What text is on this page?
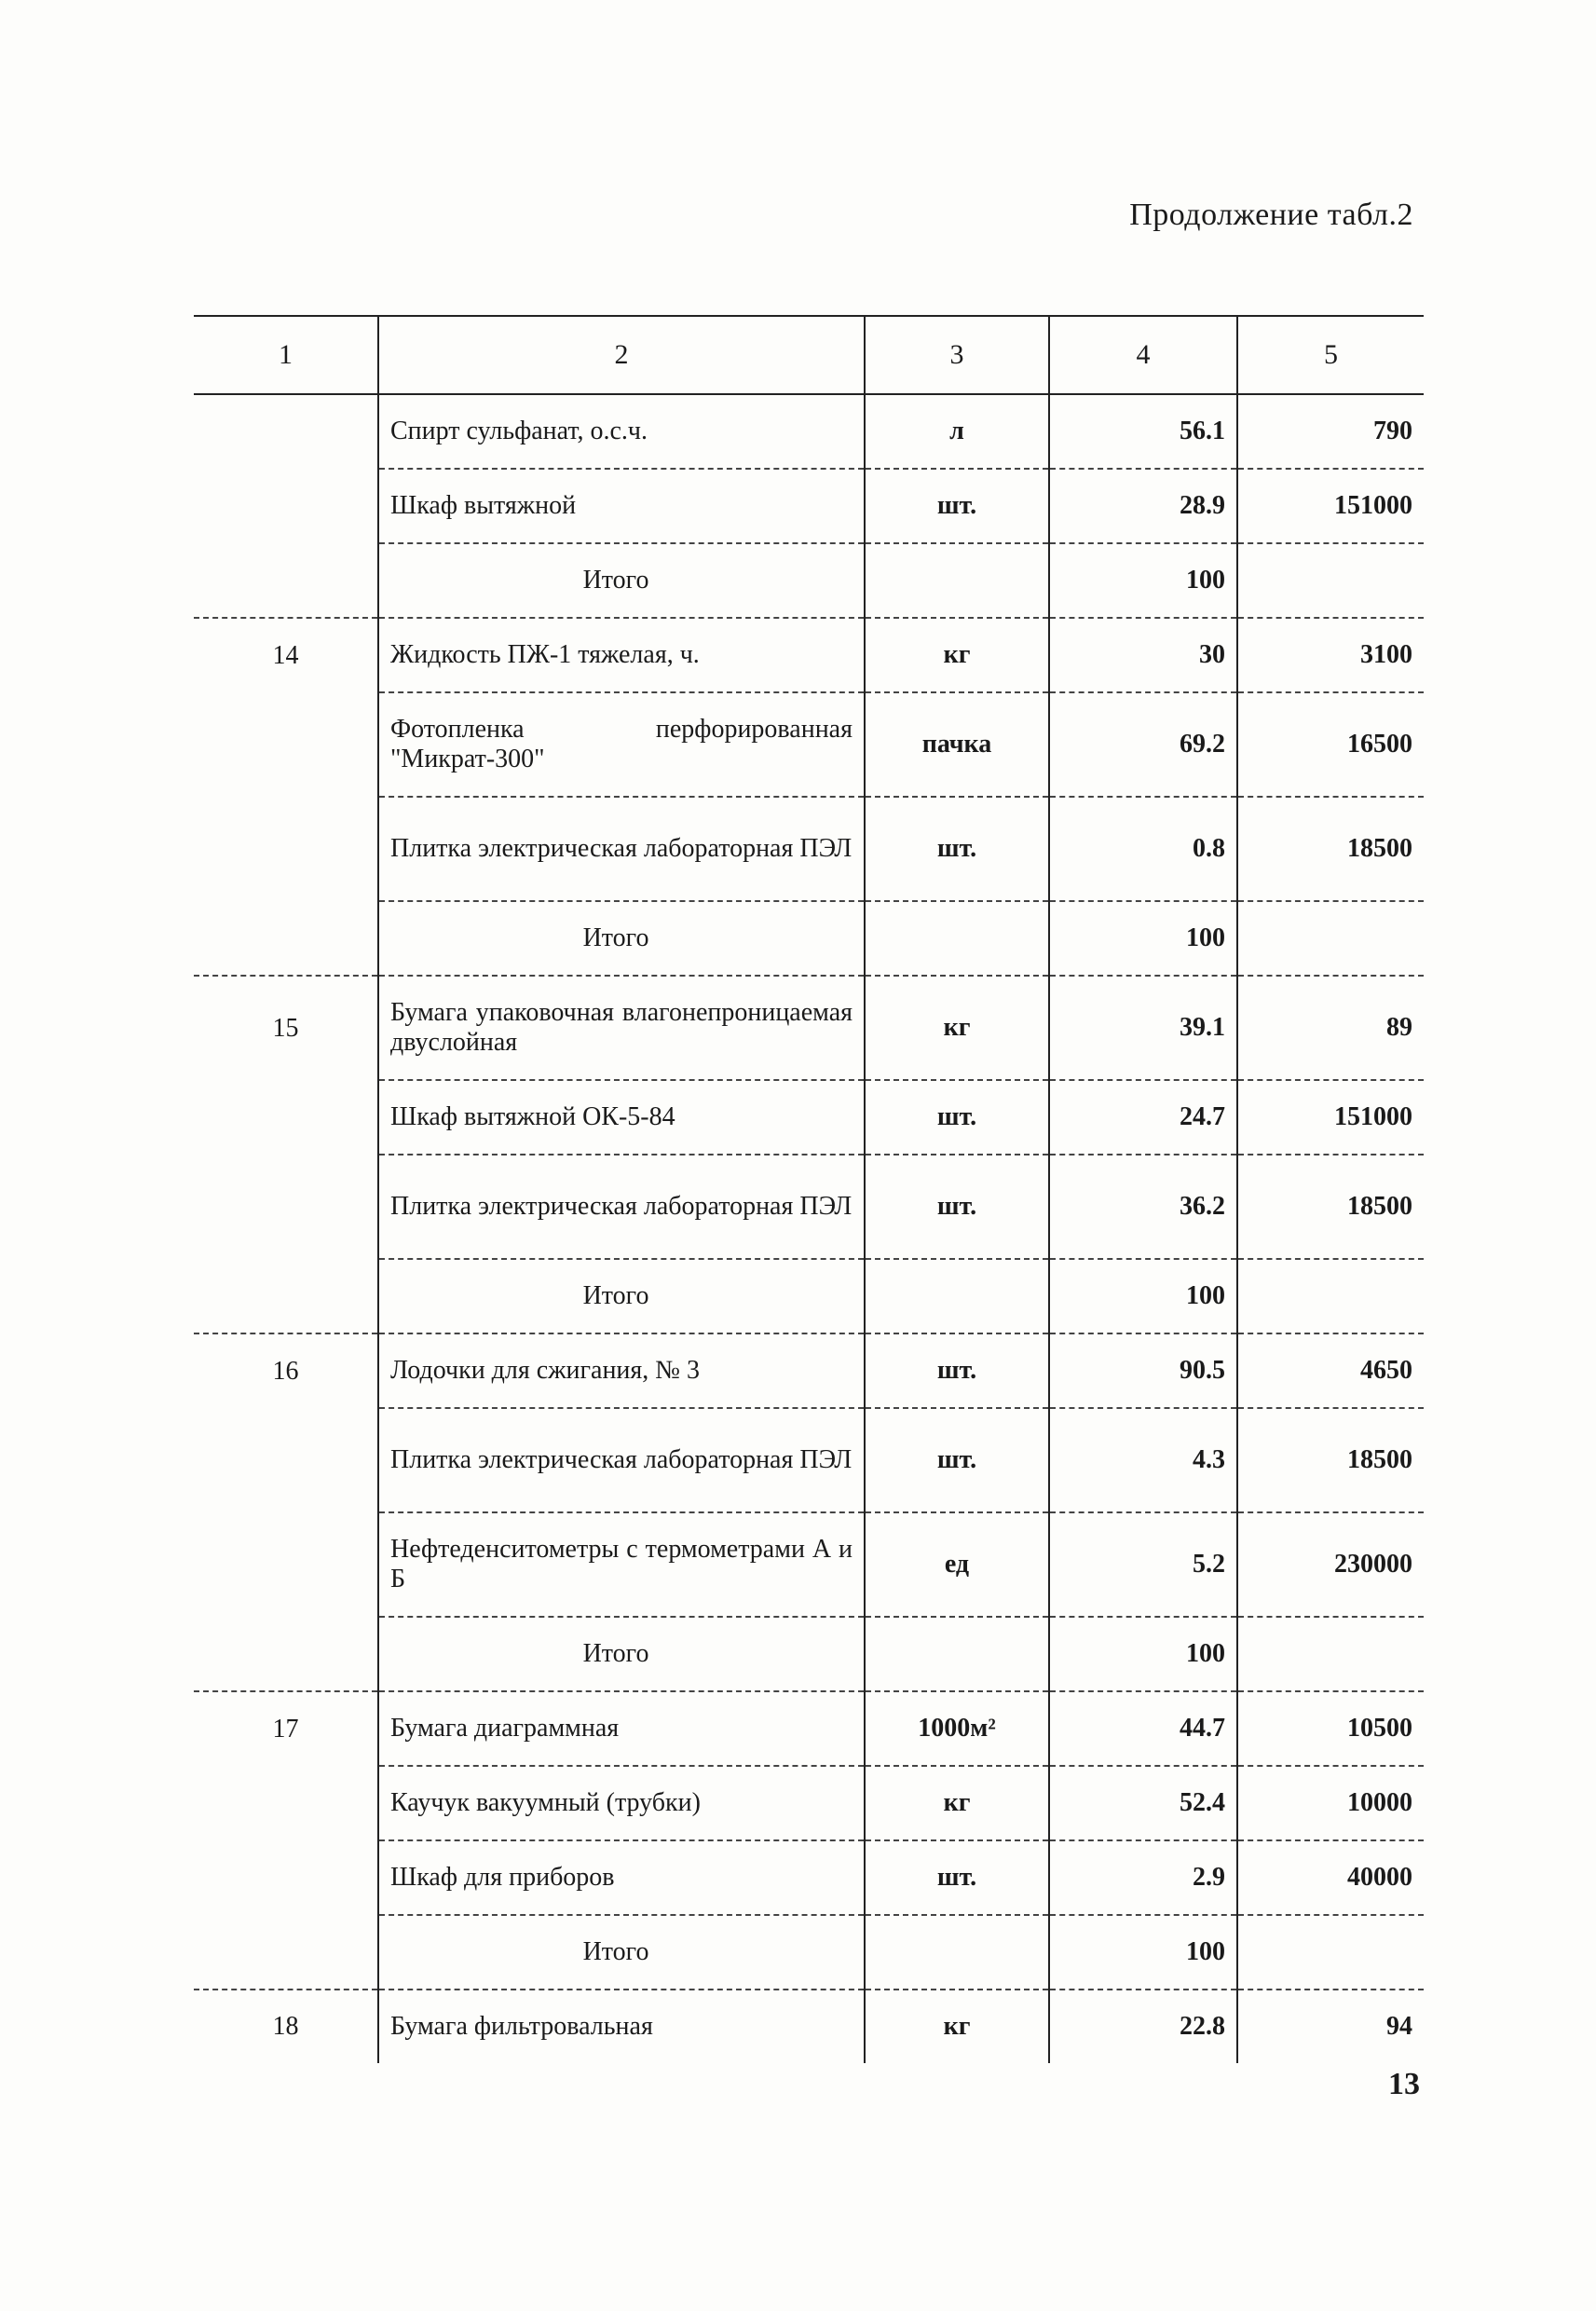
Продолжение табл.2
1	2	3	4	5
	Спирт сульфанат, о.с.ч.	л	56.1	790
	Шкаф вытяжной	шт.	28.9	151000
	Итого		100	
14	Жидкость ПЖ-1 тяжелая, ч.	кг	30	3100
	Фотопленка перфорированная "Микрат-300"	пачка	69.2	16500
	Плитка электрическая лабораторная ПЭЛ	шт.	0.8	18500
	Итого		100	
15	Бумага упаковочная влагонепроницаемая двуслойная	кг	39.1	89
	Шкаф вытяжной ОК-5-84	шт.	24.7	151000
	Плитка электрическая лабораторная ПЭЛ	шт.	36.2	18500
	Итого		100	
16	Лодочки для сжигания, № 3	шт.	90.5	4650
	Плитка электрическая лабораторная ПЭЛ	шт.	4.3	18500
	Нефтеденситометры с термометрами А и Б	ед	5.2	230000
	Итого		100	
17	Бумага диаграммная	1000м²	44.7	10500
	Каучук вакуумный (трубки)	кг	52.4	10000
	Шкаф для приборов	шт.	2.9	40000
	Итого		100	
18	Бумага фильтровальная	кг	22.8	94
13
